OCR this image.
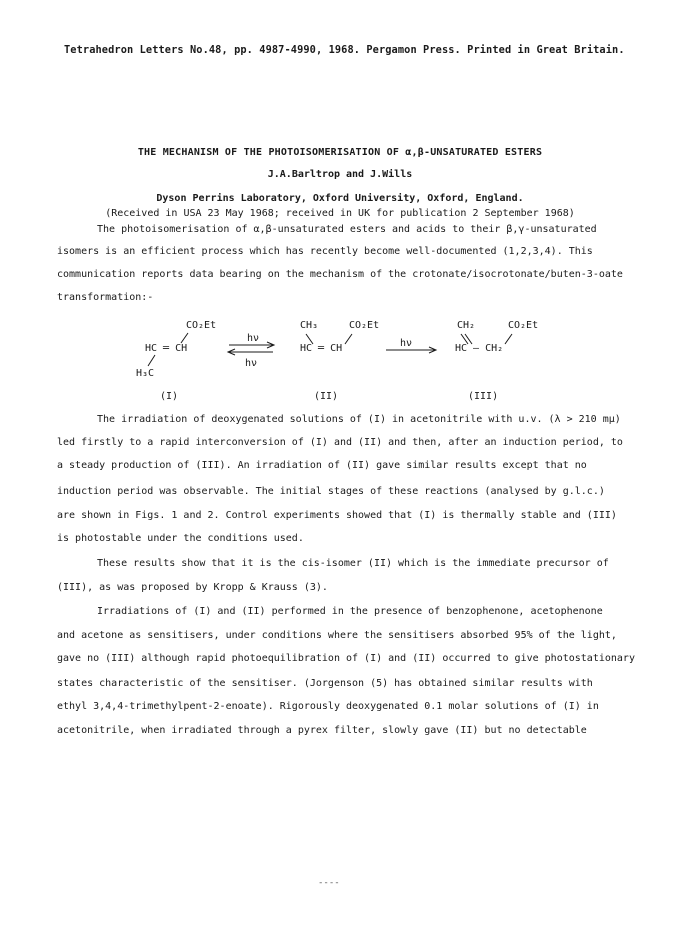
Tetrahedron Letters No.48, pp. 4987-4990, 1968. Pergamon Press. Printed in Great Britain.
THE MECHANISM OF THE PHOTOISOMERISATION OF α,β-UNSATURATED ESTERS
J.A.Barltrop and J.Wills
Dyson Perrins Laboratory, Oxford University, Oxford, England.
(Received in USA 23 May 1968; received in UK for publication 2 September 1968)
The photoisomerisation of α,β-unsaturated esters and acids to their β,γ-unsaturated
isomers is an efficient process which has recently become well-documented (1,2,3,4). This
communication reports data bearing on the mechanism of the crotonate/isocrotonate/buten-3-oate
transformation:-
CO₂Et
HC ═ CH
H₃C
(I)
hν
hν
CH₃	CO₂Et
HC ═ CH
(II)
hν
CH₂	CO₂Et
HC — CH₂
(III)
The irradiation of deoxygenated solutions of (I) in acetonitrile with u.v. (λ > 210 mμ)
led firstly to a rapid interconversion of (I) and (II) and then, after an induction period, to
a steady production of (III). An irradiation of (II) gave similar results except that no
induction period was observable. The initial stages of these reactions (analysed by g.l.c.)
are shown in Figs. 1 and 2. Control experiments showed that (I) is thermally stable and (III)
is photostable under the conditions used.
These results show that it is the cis-isomer (II) which is the immediate precursor of
(III), as was proposed by Kropp & Krauss (3).
Irradiations of (I) and (II) performed in the presence of benzophenone, acetophenone
and acetone as sensitisers, under conditions where the sensitisers absorbed 95% of the light,
gave no (III) although rapid photoequilibration of (I) and (II) occurred to give photostationary
states characteristic of the sensitiser. (Jorgenson (5) has obtained similar results with
ethyl 3,4,4-trimethylpent-2-enoate). Rigorously deoxygenated 0.1 molar solutions of (I) in
acetonitrile, when irradiated through a pyrex filter, slowly gave (II) but no detectable
----
